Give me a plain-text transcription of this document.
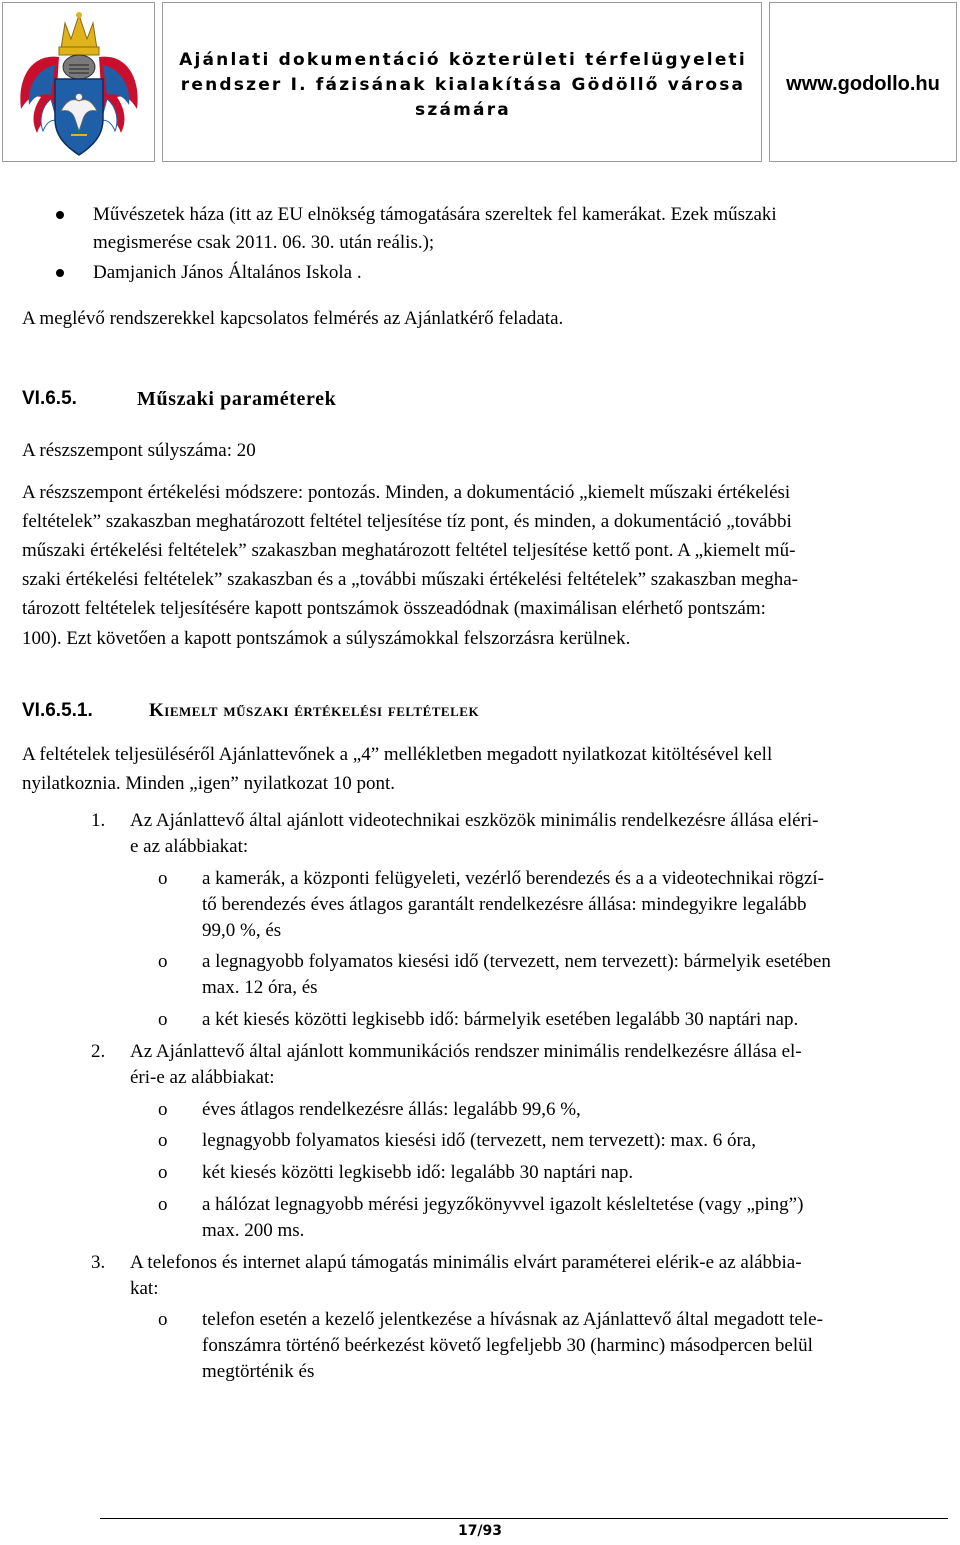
Ajánlati dokumentáció közterületi térfelügyeleti rendszer I. fázisának kialakítása Gödöllő városa számára
www.godollo.hu
Művészetek háza (itt az EU elnökség támogatására szereltek fel kamerákat. Ezek műszaki
megismerése csak 2011. 06. 30. után reális.);
Damjanich János Általános Iskola .
A meglévő rendszerekkel kapcsolatos felmérés az Ajánlatkérő feladata.
VI.6.5.	Műszaki paraméterek
A részszempont súlyszáma: 20
A részszempont értékelési módszere: pontozás. Minden, a dokumentáció „kiemelt műszaki értékelési
feltételek” szakaszban meghatározott feltétel teljesítése tíz pont, és minden, a dokumentáció „további
műszaki értékelési feltételek” szakaszban meghatározott feltétel teljesítése kettő pont. A „kiemelt mű-
szaki értékelési feltételek” szakaszban és a „további műszaki értékelési feltételek” szakaszban megha-
tározott feltételek teljesítésére kapott pontszámok összeadódnak (maximálisan elérhető pontszám:
100). Ezt követően a kapott pontszámok a súlyszámokkal felszorzásra kerülnek.
VI.6.5.1.	Kiemelt műszaki értékelési feltételek
A feltételek teljesüléséről Ajánlattevőnek a „4” mellékletben megadott nyilatkozat kitöltésével kell
nyilatkoznia. Minden „igen” nyilatkozat 10 pont.
1. Az Ajánlattevő által ajánlott videotechnikai eszközök minimális rendelkezésre állása eléri-
e az alábbiakat:
o a kamerák, a központi felügyeleti, vezérlő berendezés és a a videotechnikai rögzí-
tő berendezés éves átlagos garantált rendelkezésre állása: mindegyikre legalább
99,0 %, és
o a legnagyobb folyamatos kiesési idő (tervezett, nem tervezett): bármelyik esetében
max. 12 óra, és
o a két kiesés közötti legkisebb idő: bármelyik esetében legalább 30 naptári nap.
2. Az Ajánlattevő által ajánlott kommunikációs rendszer minimális rendelkezésre állása el-
éri-e az alábbiakat:
o éves átlagos rendelkezésre állás: legalább 99,6 %,
o legnagyobb folyamatos kiesési idő (tervezett, nem tervezett): max. 6 óra,
o két kiesés közötti legkisebb idő: legalább 30 naptári nap.
o a hálózat legnagyobb mérési jegyzőkönyvvel igazolt késleltetése (vagy „ping”)
max. 200 ms.
3. A telefonos és internet alapú támogatás minimális elvárt paraméterei elérik-e az alábbia-
kat:
o telefon esetén a kezelő jelentkezése a hívásnak az Ajánlattevő által megadott tele-
fonszámra történő beérkezést követő legfeljebb 30 (harminc) másodpercen belül
megtörténik és
17/93
